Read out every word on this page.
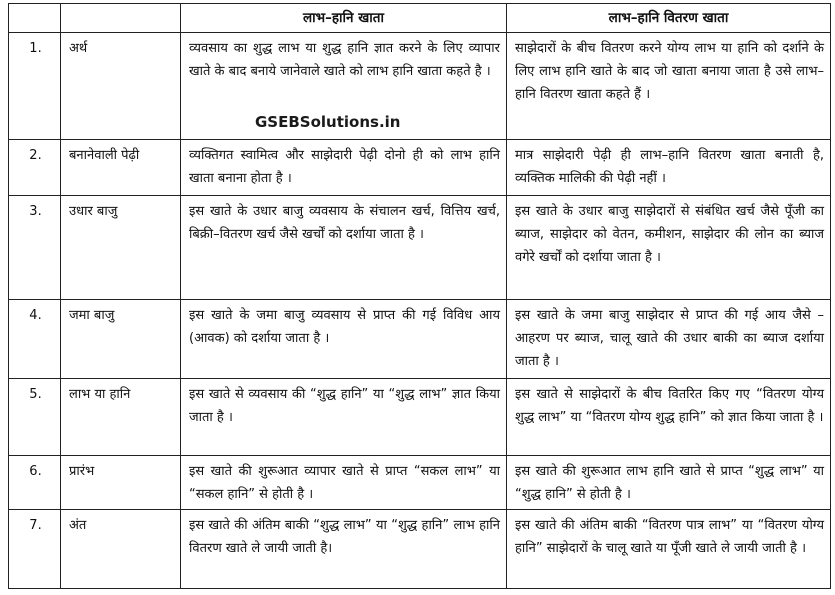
		लाभ–हानि खाता	लाभ–हानि वितरण खाता
1.	अर्थ	व्यवसाय का शुद्ध लाभ या शुद्ध हानि ज्ञात करने के लिए व्यापार खाते के बाद बनाये जानेवाले खाते को लाभ हानि खाता कहते है ।	साझेदारों के बीच वितरण करने योग्य लाभ या हानि को दर्शाने के लिए लाभ हानि खाते के बाद जो खाता बनाया जाता है उसे लाभ–हानि वितरण खाता कहते हैं ।
2.	बनानेवाली पेढ़ी	व्यक्तिगत स्वामित्व और साझेदारी पेढ़ी दोनो ही को लाभ हानि खाता बनाना होता है ।	मात्र साझेदारी पेढ़ी ही लाभ–हानि वितरण खाता बनाती है, व्यक्तिक मालिकी की पेढ़ी नहीं ।
3.	उधार बाजु	इस खाते के उधार बाजु व्यवसाय के संचालन खर्च, वित्तिय खर्च, बिक्री–वितरण खर्च जैसे खर्चों को दर्शाया जाता है ।	इस खाते के उधार बाजु साझेदारों से संबंधित खर्च जैसे पूँजी का ब्याज, साझेदार को वेतन, कमीशन, साझेदार की लोन का ब्याज वगेरे खर्चों को दर्शाया जाता है ।
4.	जमा बाजु	इस खाते के जमा बाजु व्यवसाय से प्राप्त की गई विविध आय (आवक) को दर्शाया जाता है ।	इस खाते के जमा बाजु साझेदार से प्राप्त की गई आय जैसे – आहरण पर ब्याज, चालू खाते की उधार बाकी का ब्याज दर्शाया जाता है ।
5.	लाभ या हानि	इस खाते से व्यवसाय की “शुद्ध हानि” या “शुद्ध लाभ” ज्ञात किया जाता है ।	इस खाते से साझेदारों के बीच वितरित किए गए “वितरण योग्य शुद्ध लाभ” या “वितरण योग्य शुद्ध हानि” को ज्ञात किया जाता है ।
6.	प्रारंभ	इस खाते की शुरूआत व्यापार खाते से प्राप्त “सकल लाभ” या “सकल हानि” से होती है ।	इस खाते की शुरूआत लाभ हानि खाते से प्राप्त “शुद्ध लाभ” या “शुद्ध हानि” से होती है ।
7.	अंत	इस खाते की अंतिम बाकी “शुद्ध लाभ” या “शुद्ध हानि” लाभ हानि वितरण खाते ले जायी जाती है।	इस खाते की अंतिम बाकी “वितरण पात्र लाभ” या “वितरण योग्य हानि” साझेदारों के चालू खाते या पूँजी खाते ले जायी जाती है ।
GSEBSolutions.in
